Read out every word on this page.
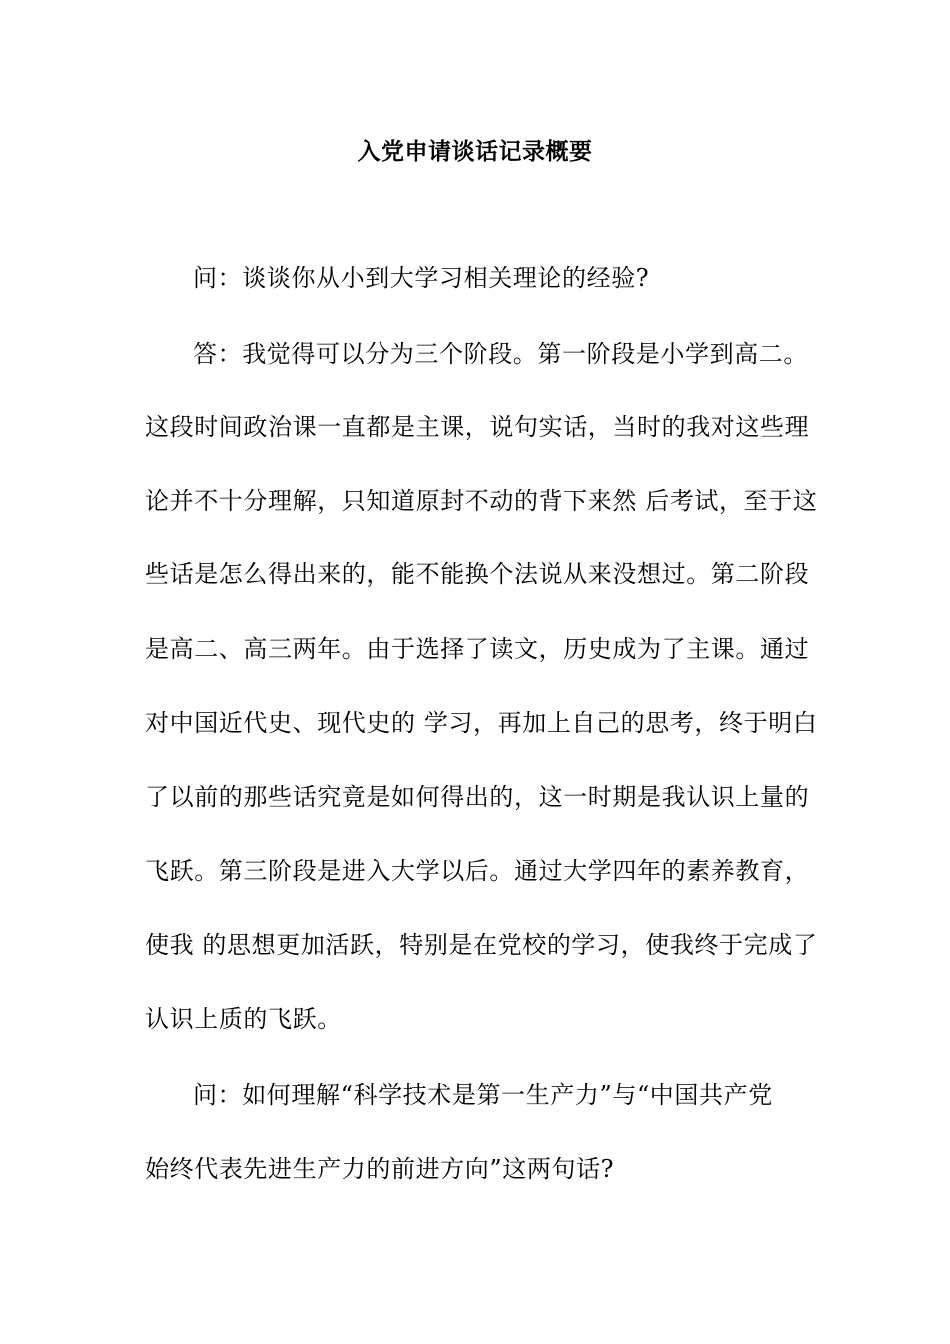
入党申请谈话记录概要
问：谈谈你从小到大学习相关理论的经验?
答：我觉得可以分为三个阶段。第一阶段是小学到高二。
这段时间政治课一直都是主课，说句实话，当时的我对这些理
论并不十分理解，只知道原封不动的背下来然 后考试，至于这
些话是怎么得出来的，能不能换个法说从来没想过。第二阶段
是高二、高三两年。由于选择了读文，历史成为了主课。通过
对中国近代史、现代史的 学习，再加上自己的思考，终于明白
了以前的那些话究竟是如何得出的，这一时期是我认识上量的
飞跃。第三阶段是进入大学以后。通过大学四年的素养教育，
使我 的思想更加活跃，特别是在党校的学习，使我终于完成了
认识上质的飞跃。
问：如何理解“科学技术是第一生产力”与“中国共产党
始终代表先进生产力的前进方向”这两句话?
